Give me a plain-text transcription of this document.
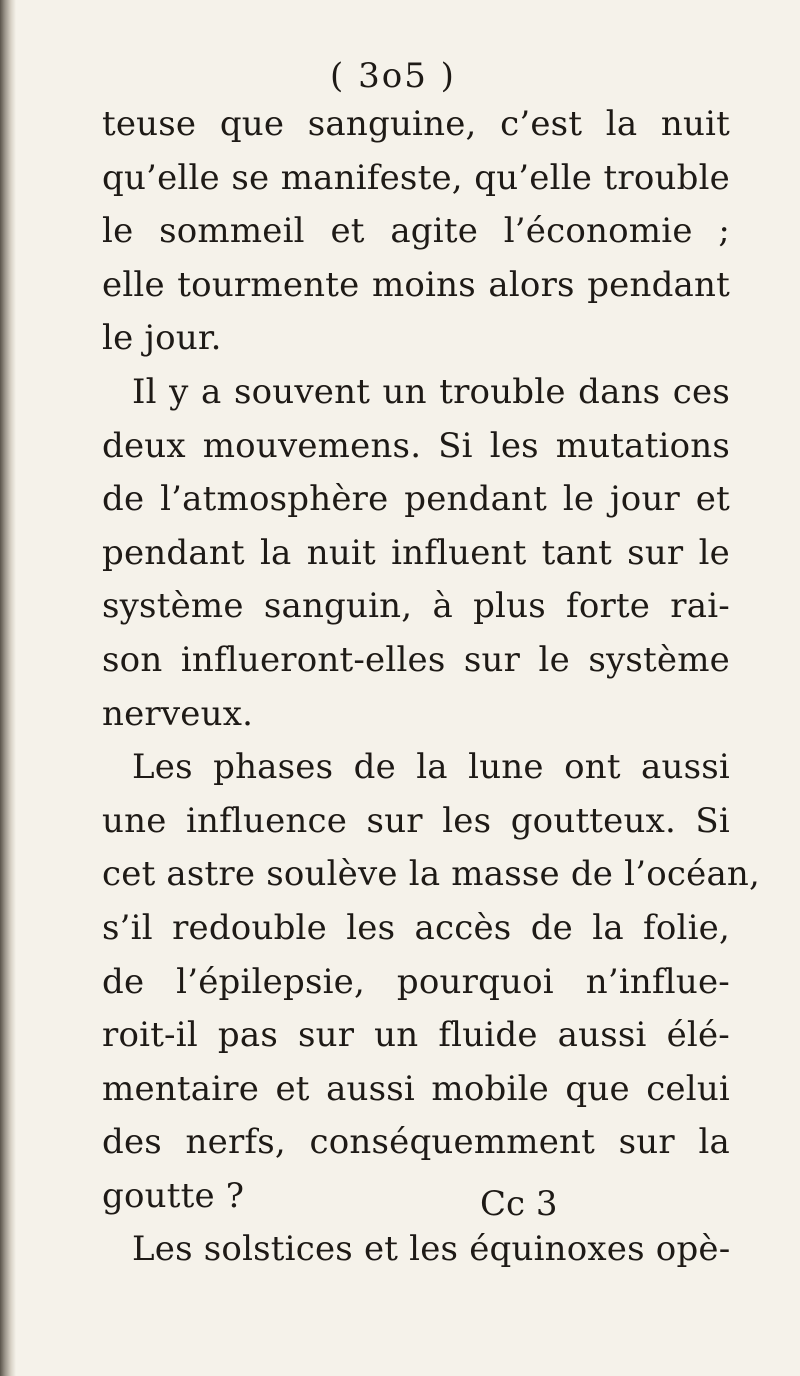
( 3o5 )
teuse que sanguine, c’est la nuit
qu’elle se manifeste, qu’elle trouble
le sommeil et agite l’économie ;
elle tourmente moins alors pendant
le jour.
Il y a souvent un trouble dans ces
deux mouvemens. Si les mutations
de l’atmosphère pendant le jour et
pendant la nuit influent tant sur le
système sanguin, à plus forte rai-
son influeront-elles sur le système
nerveux.
Les phases de la lune ont aussi
une influence sur les goutteux. Si
cet astre soulève la masse de l’océan,
s’il redouble les accès de la folie,
de l’épilepsie, pourquoi n’influe-
roit-il pas sur un fluide aussi élé-
mentaire et aussi mobile que celui
des nerfs, conséquemment sur la
goutte ?
Les solstices et les équinoxes opè-
Cc 3
